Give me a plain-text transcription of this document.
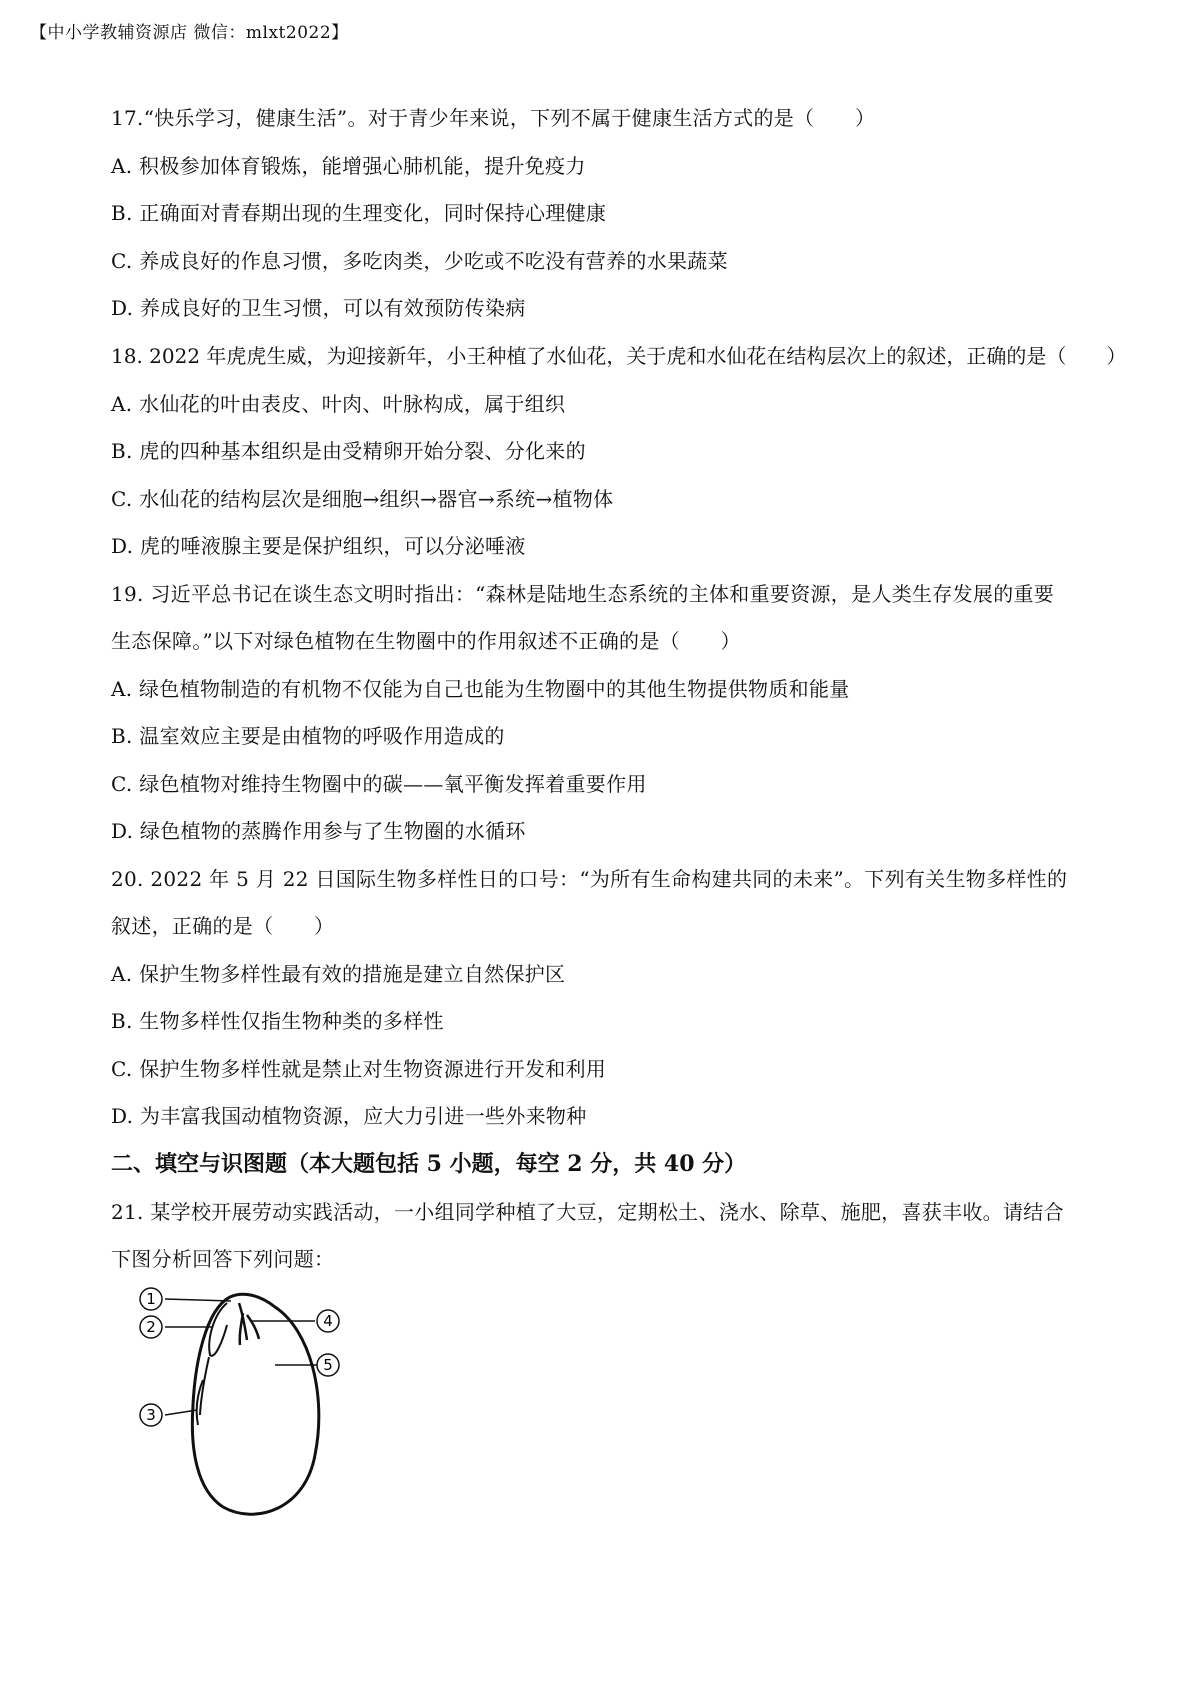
【中小学教辅资源店 微信：mlxt2022】
17.“快乐学习，健康生活”。对于青少年来说，下列不属于健康生活方式的是（　　）
A. 积极参加体育锻炼，能增强心肺机能，提升免疫力
B. 正确面对青春期出现的生理变化，同时保持心理健康
C. 养成良好的作息习惯，多吃肉类，少吃或不吃没有营养的水果蔬菜
D. 养成良好的卫生习惯，可以有效预防传染病
18. 2022 年虎虎生威，为迎接新年，小王种植了水仙花，关于虎和水仙花在结构层次上的叙述，正确的是（　　）
A. 水仙花的叶由表皮、叶肉、叶脉构成，属于组织
B. 虎的四种基本组织是由受精卵开始分裂、分化来的
C. 水仙花的结构层次是细胞→组织→器官→系统→植物体
D. 虎的唾液腺主要是保护组织，可以分泌唾液
19. 习近平总书记在谈生态文明时指出：“森林是陆地生态系统的主体和重要资源，是人类生存发展的重要
生态保障。”以下对绿色植物在生物圈中的作用叙述不正确的是（　　）
A. 绿色植物制造的有机物不仅能为自己也能为生物圈中的其他生物提供物质和能量
B. 温室效应主要是由植物的呼吸作用造成的
C. 绿色植物对维持生物圈中的碳——氧平衡发挥着重要作用
D. 绿色植物的蒸腾作用参与了生物圈的水循环
20. 2022 年 5 月 22 日国际生物多样性日的口号：“为所有生命构建共同的未来”。下列有关生物多样性的
叙述，正确的是（　　）
A. 保护生物多样性最有效的措施是建立自然保护区
B. 生物多样性仅指生物种类的多样性
C. 保护生物多样性就是禁止对生物资源进行开发和利用
D. 为丰富我国动植物资源，应大力引进一些外来物种
二、填空与识图题（本大题包括 5 小题，每空 2 分，共 40 分）
21. 某学校开展劳动实践活动，一小组同学种植了大豆，定期松土、浇水、除草、施肥，喜获丰收。请结合
下图分析回答下列问题：
1
2
3
4
5
